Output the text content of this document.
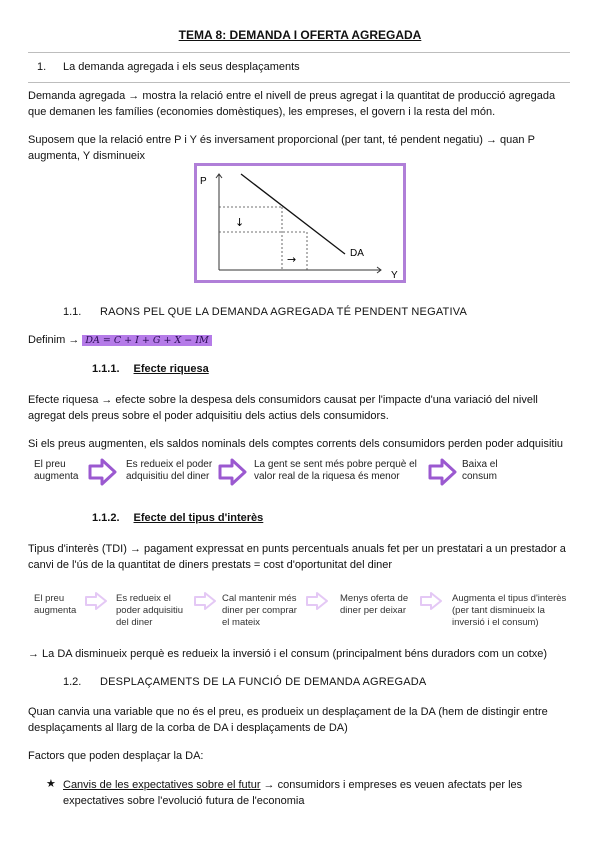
TEMA 8: DEMANDA I OFERTA AGREGADA
1. La demanda agregada i els seus desplaçaments
Demanda agregada → mostra la relació entre el nivell de preus agregat i la quantitat de producció agregada que demanen les famílies (economies domèstiques), les empreses, el govern i la resta del món.
Suposem que la relació entre P i Y és inversament proporcional (per tant, té pendent negatiu) → quan P augmenta, Y disminueix
P
Y
DA
↓
→
1.1. RAONS PEL QUE LA DEMANDA AGREGADA TÉ PENDENT NEGATIVA
Definim → DA = C + I + G + X − IM
1.1.1. Efecte riquesa
Efecte riquesa → efecte sobre la despesa dels consumidors causat per l'impacte d'una variació del nivell agregat dels preus sobre el poder adquisitiu dels actius dels consumidors.
Si els preus augmenten, els saldos nominals dels comptes corrents dels consumidors perden poder adquisitiu
El preu
augmenta
Es redueix el poder
adquisitiu del diner
La gent se sent més pobre perquè el
valor real de la riquesa és menor
Baixa el
consum
1.1.2. Efecte del tipus d'interès
Tipus d'interès (TDI) → pagament expressat en punts percentuals anuals fet per un prestatari a un prestador a canvi de l'ús de la quantitat de diners prestats = cost d'oportunitat del diner
El preu
augmenta
Es redueix el
poder adquisitiu
del diner
Cal mantenir més
diner per comprar
el mateix
Menys oferta de
diner per deixar
Augmenta el tipus d'interès
(per tant disminueix la
inversió i el consum)
→ La DA disminueix perquè es redueix la inversió i el consum (principalment béns duradors com un cotxe)
1.2. DESPLAÇAMENTS DE LA FUNCIÓ DE DEMANDA AGREGADA
Quan canvia una variable que no és el preu, es produeix un desplaçament de la DA (hem de distingir entre desplaçaments al llarg de la corba de DA i desplaçaments de DA)
Factors que poden desplaçar la DA:
★ Canvis de les expectatives sobre el futur → consumidors i empreses es veuen afectats per les expectatives sobre l'evolució futura de l'economia
